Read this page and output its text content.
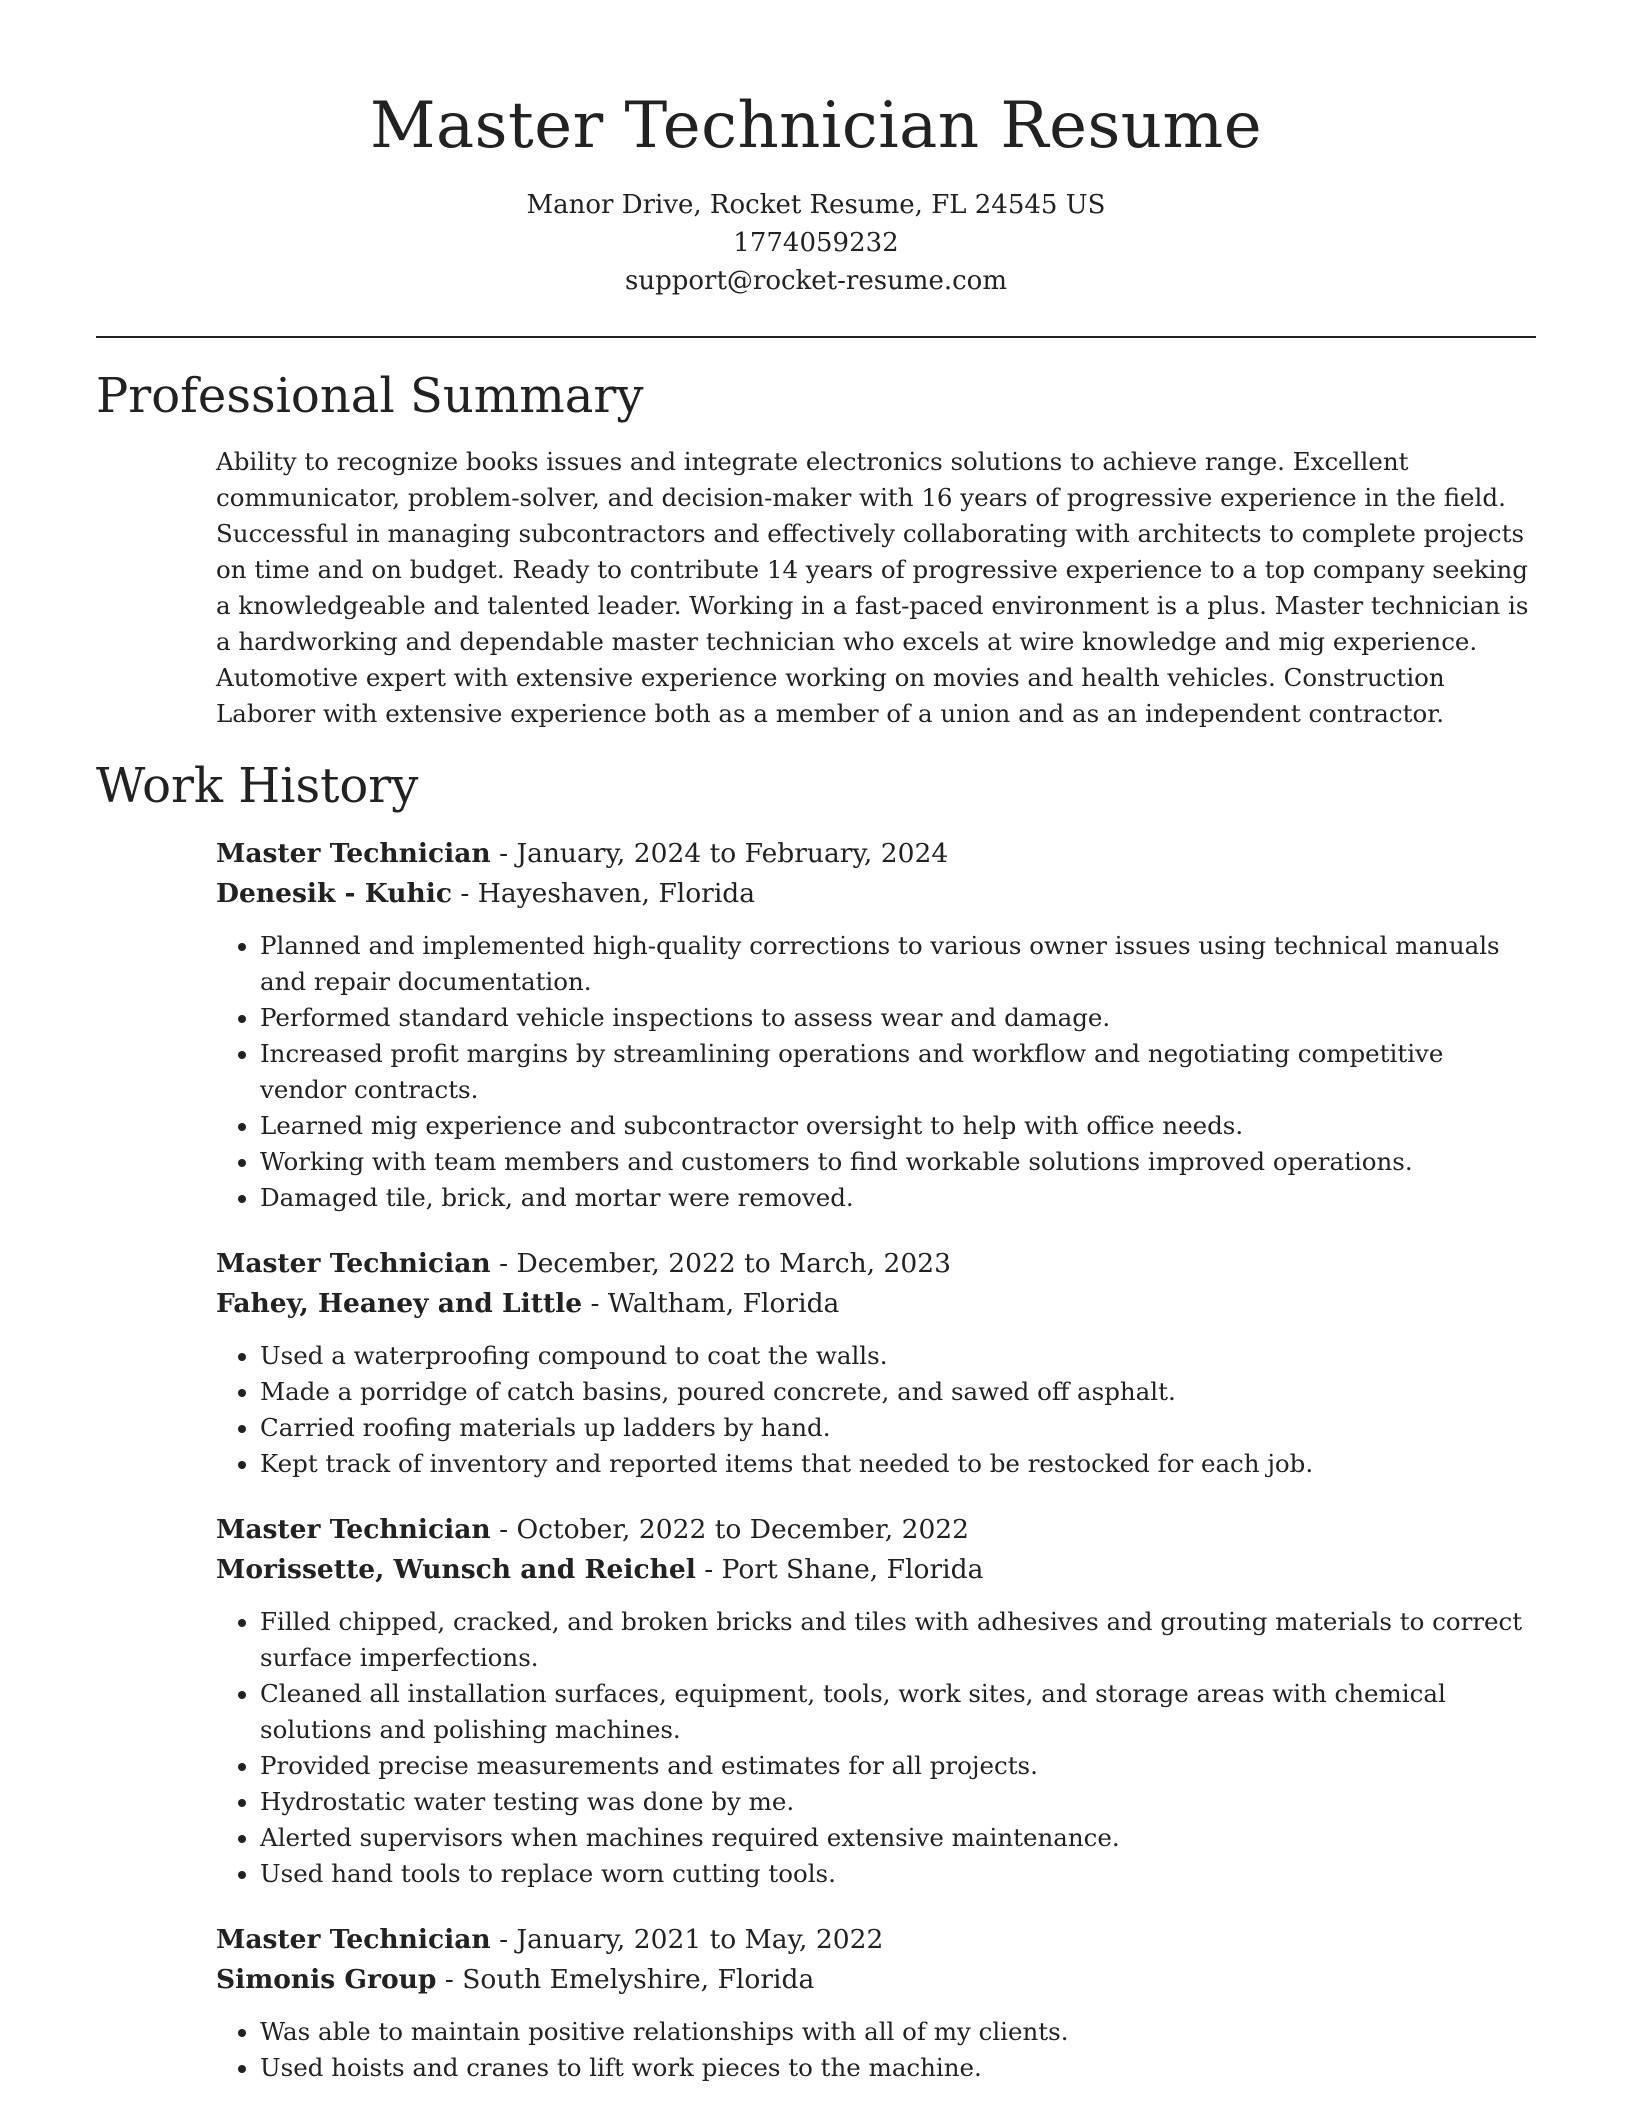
Master Technician Resume
Manor Drive, Rocket Resume, FL 24545 US
1774059232
support@rocket-resume.com
Professional Summary

Ability to recognize books issues and integrate electronics solutions to achieve range. Excellent communicator, problem-solver, and decision-maker with 16 years of progressive experience in the field. Successful in managing subcontractors and effectively collaborating with architects to complete projects on time and on budget. Ready to contribute 14 years of progressive experience to a top company seeking a knowledgeable and talented leader. Working in a fast-paced environment is a plus. Master technician is a hardworking and dependable master technician who excels at wire knowledge and mig experience. Automotive expert with extensive experience working on movies and health vehicles. Construction Laborer with extensive experience both as a member of a union and as an independent contractor.

Work History
Master Technician - January, 2024 to February, 2024
Denesik - Kuhic - Hayeshaven, Florida
• Planned and implemented high-quality corrections to various owner issues using technical manuals and repair documentation.
• Performed standard vehicle inspections to assess wear and damage.
• Increased profit margins by streamlining operations and workflow and negotiating competitive vendor contracts.
• Learned mig experience and subcontractor oversight to help with office needs.
• Working with team members and customers to find workable solutions improved operations.
• Damaged tile, brick, and mortar were removed.
Master Technician - December, 2022 to March, 2023
Fahey, Heaney and Little - Waltham, Florida
• Used a waterproofing compound to coat the walls.
• Made a porridge of catch basins, poured concrete, and sawed off asphalt.
• Carried roofing materials up ladders by hand.
• Kept track of inventory and reported items that needed to be restocked for each job.
Master Technician - October, 2022 to December, 2022
Morissette, Wunsch and Reichel - Port Shane, Florida
• Filled chipped, cracked, and broken bricks and tiles with adhesives and grouting materials to correct surface imperfections.
• Cleaned all installation surfaces, equipment, tools, work sites, and storage areas with chemical solutions and polishing machines.
• Provided precise measurements and estimates for all projects.
• Hydrostatic water testing was done by me.
• Alerted supervisors when machines required extensive maintenance.
• Used hand tools to replace worn cutting tools.
Master Technician - January, 2021 to May, 2022
Simonis Group - South Emelyshire, Florida
• Was able to maintain positive relationships with all of my clients.
• Used hoists and cranes to lift work pieces to the machine.
